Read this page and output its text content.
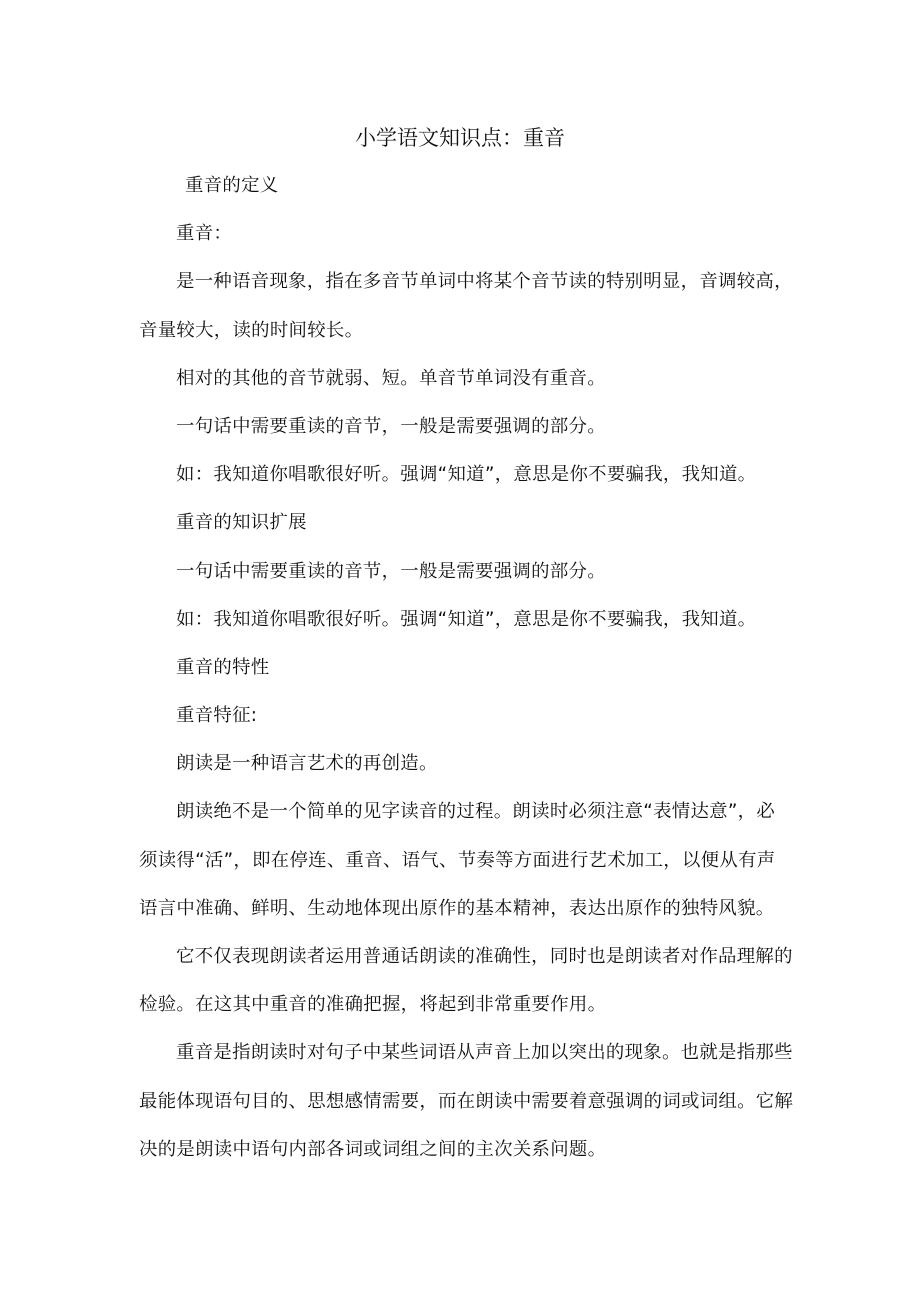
小学语文知识点：重音
重音的定义
重音：
是一种语音现象，指在多音节单词中将某个音节读的特别明显，音调较高，
音量较大，读的时间较长。
相对的其他的音节就弱、短。单音节单词没有重音。
一句话中需要重读的音节，一般是需要强调的部分。
如：我知道你唱歌很好听。强调“知道”，意思是你不要骗我，我知道。
重音的知识扩展
一句话中需要重读的音节，一般是需要强调的部分。
如：我知道你唱歌很好听。强调“知道”，意思是你不要骗我，我知道。
重音的特性
重音特征:
朗读是一种语言艺术的再创造。
朗读绝不是一个简单的见字读音的过程。朗读时必须注意“表情达意”，必
须读得“活”，即在停连、重音、语气、节奏等方面进行艺术加工，以便从有声
语言中准确、鲜明、生动地体现出原作的基本精神，表达出原作的独特风貌。
它不仅表现朗读者运用普通话朗读的准确性，同时也是朗读者对作品理解的
检验。在这其中重音的准确把握，将起到非常重要作用。
重音是指朗读时对句子中某些词语从声音上加以突出的现象。也就是指那些
最能体现语句目的、思想感情需要，而在朗读中需要着意强调的词或词组。它解
决的是朗读中语句内部各词或词组之间的主次关系问题。
